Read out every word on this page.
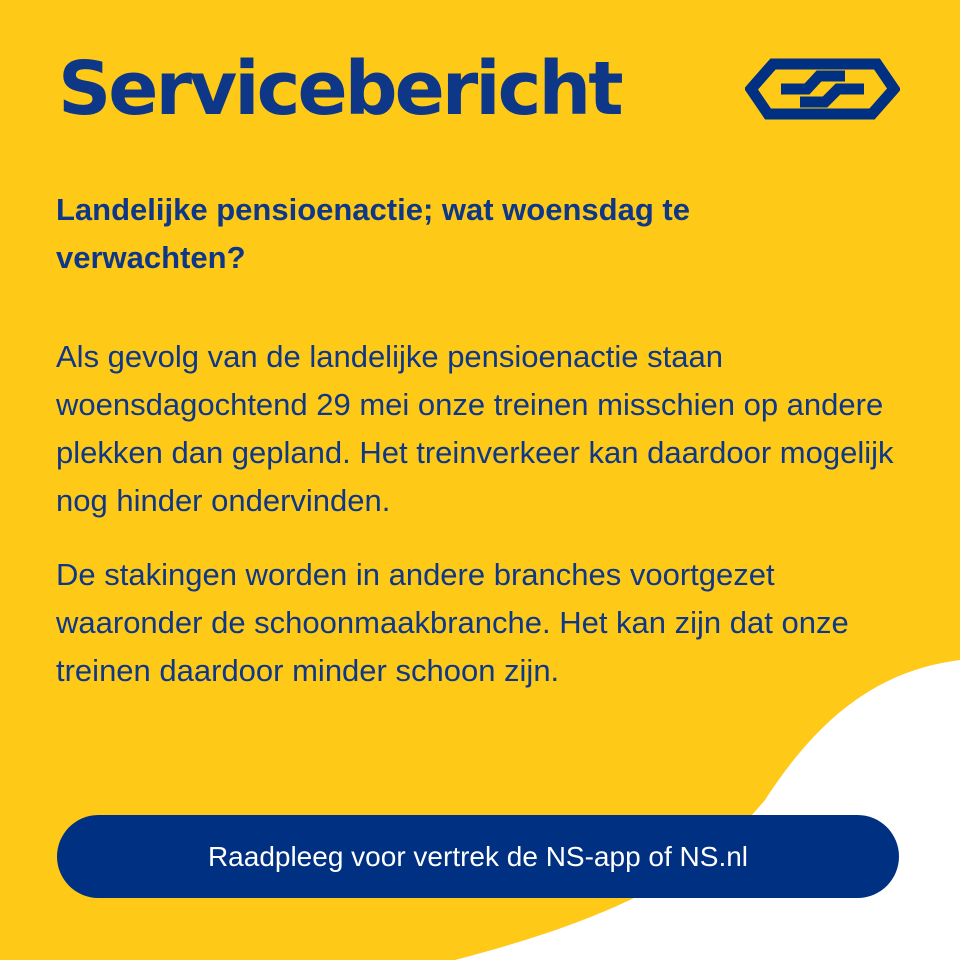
Servicebericht

Landelijke pensioenactie; wat woensdag te verwachten?

Als gevolg van de landelijke pensioenactie staan woensdagochtend 29 mei onze treinen misschien op andere plekken dan gepland. Het treinverkeer kan daardoor mogelijk nog hinder ondervinden.

De stakingen worden in andere branches voortgezet waaronder de schoonmaakbranche. Het kan zijn dat onze treinen daardoor minder schoon zijn.

Raadpleeg voor vertrek de NS-app of NS.nl
